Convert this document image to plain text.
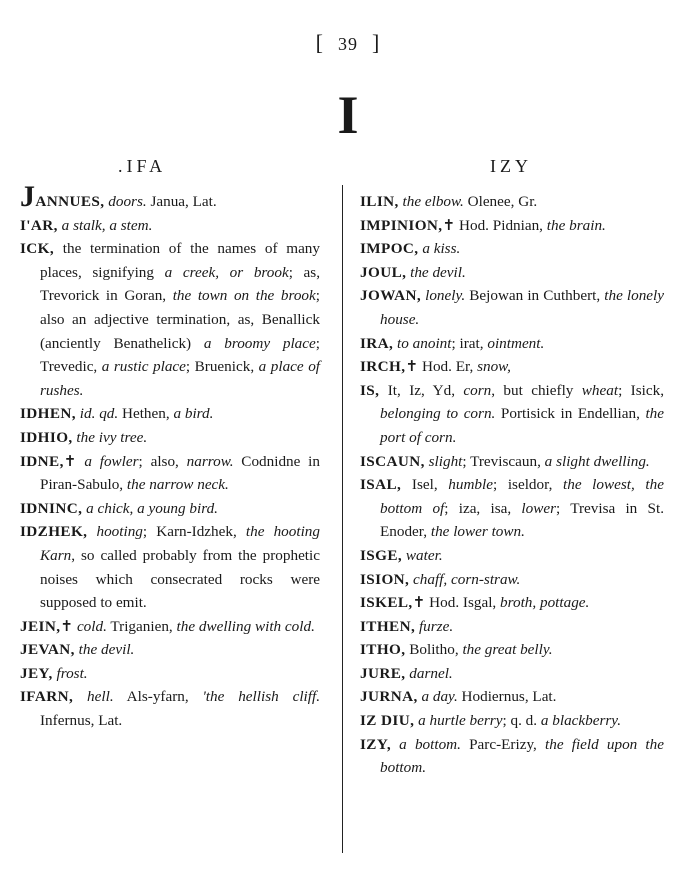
[ 39 ]
I
.IFA	IZY

JANNUES, doors. Janua, Lat.

I'AR, a stalk, a stem.

ICK, the termination of the names of many places, signifying a creek, or brook; as, Trevorick in Goran, the town on the brook; also an adjective termination, as, Benallick (anciently Benathelick) a broomy place; Trevedic, a rustic place; Bruenick, a place of rushes.

IDHEN, id. qd. Hethen, a bird.

IDHIO, the ivy tree.

IDNE,✝ a fowler; also, narrow. Codnidne in Piran-Sabulo, the narrow neck.

IDNINC, a chick, a young bird.

IDZHEK, hooting; Karn-Idzhek, the hooting Karn, so called probably from the prophetic noises which consecrated rocks were supposed to emit.

JEIN,✝ cold. Triganien, the dwelling with cold.

JEVAN, the devil.

JEY, frost.

IFARN, hell. Als-yfarn, 'the hellish cliff. Infernus, Lat.

ILIN, the elbow. Olenee, Gr.

IMPINION,✝ Hod. Pidnian, the brain.

IMPOC, a kiss.

JOUL, the devil.

JOWAN, lonely. Bejowan in Cuthbert, the lonely house.

IRA, to anoint; irat, ointment.

IRCH,✝ Hod. Er, snow,

IS, It, Iz, Yd, corn, but chiefly wheat; Isick, belonging to corn. Portisick in Endellian, the port of corn.

ISCAUN, slight; Treviscaun, a slight dwelling.

ISAL, Isel, humble; iseldor, the lowest, the bottom of; iza, isa, lower; Trevisa in St. Enoder, the lower town.

ISGE, water.

ISION, chaff, corn-straw.

ISKEL,✝ Hod. Isgal, broth, pottage.

ITHEN, furze.

ITHO, Bolitho, the great belly.

JURE, darnel.

JURNA, a day. Hodiernus, Lat.

IZ DIU, a hurtle berry; q. d. a blackberry.

IZY, a bottom. Parc-Erizy, the field upon the bottom.
